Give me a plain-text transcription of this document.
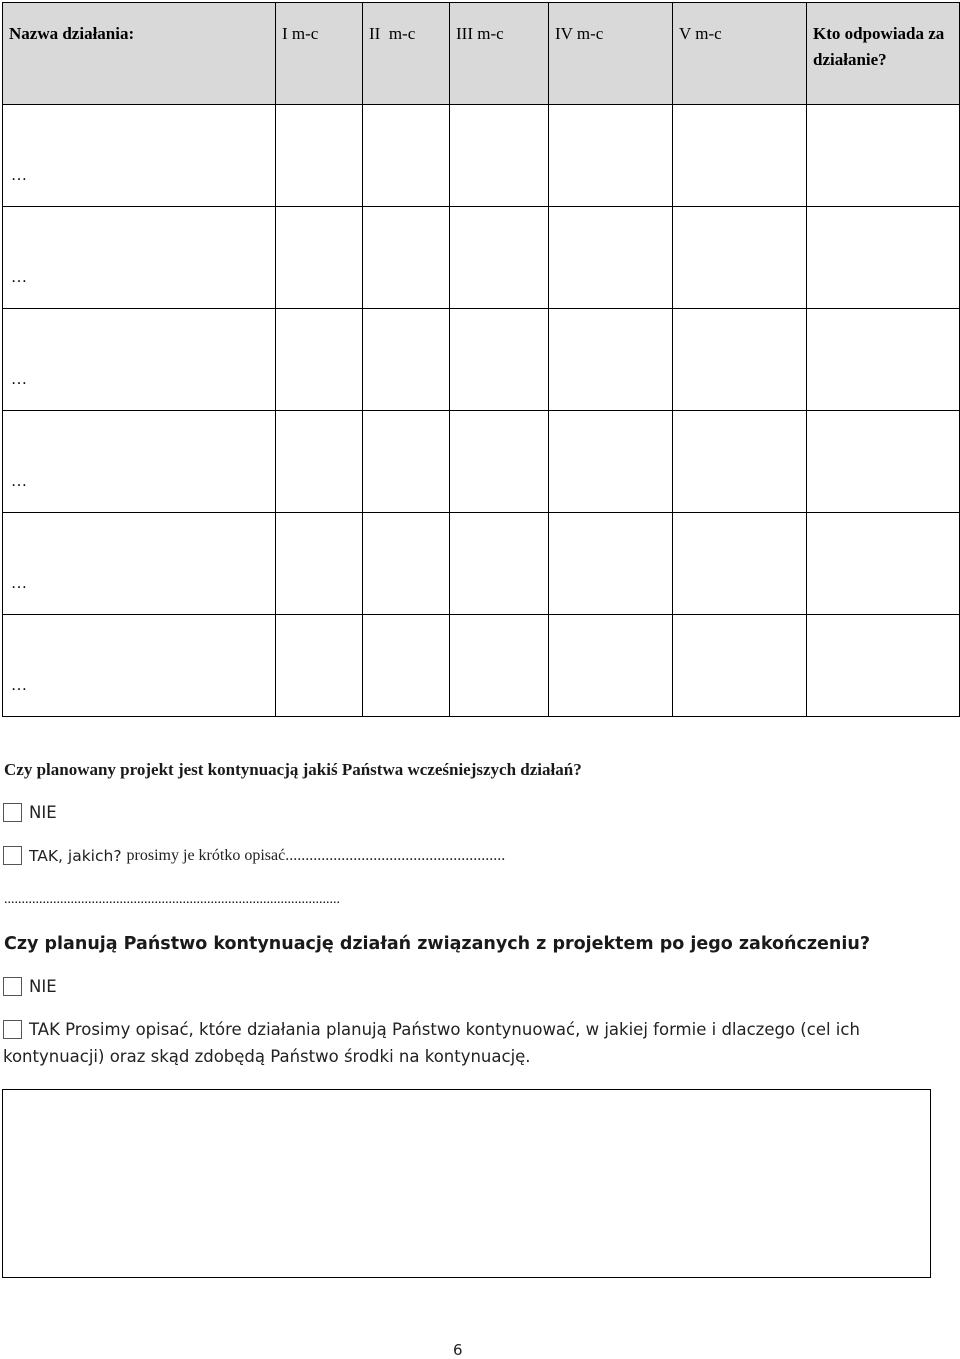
Nazwa działania:	I m-c	II  m-c	III m-c	IV m-c	V m-c	Kto odpowiada za działanie?

…						

…						

…						

…						

…						

…						

Czy planowany projekt jest kontynuacją jakiś Państwa wcześniejszych działań?
NIE
TAK, jakich? prosimy je krótko opisać.......................................................
................................................................................................
Czy planują Państwo kontynuację działań związanych z projektem po jego zakończeniu?
NIE
TAK Prosimy opisać, które działania planują Państwo kontynuować, w jakiej formie i dlaczego (cel ich
kontynuacji) oraz skąd zdobędą Państwo środki na kontynuację.
6
